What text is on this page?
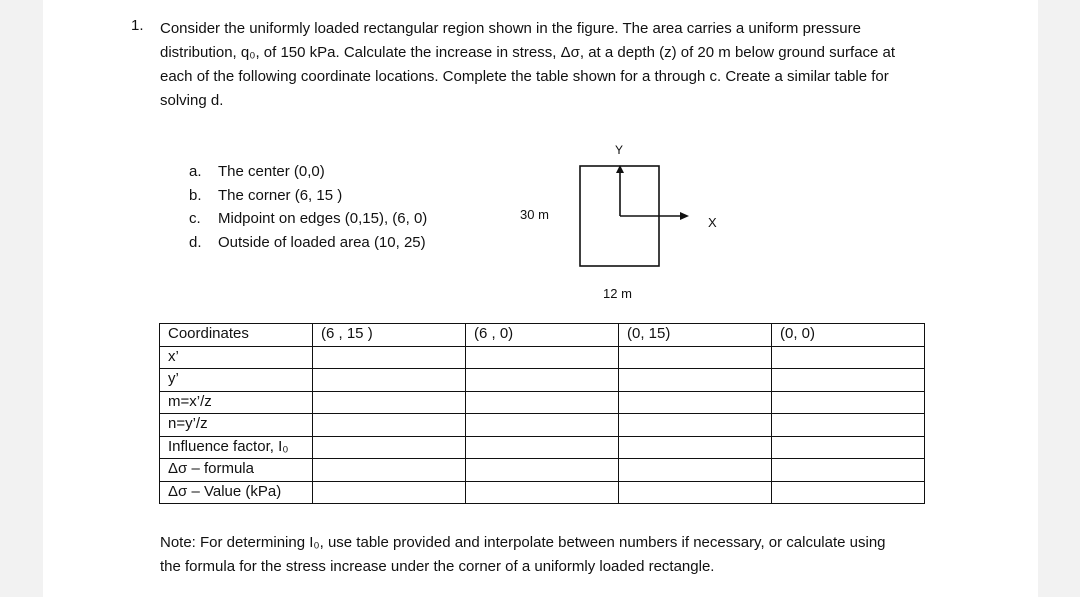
1. Consider the uniformly loaded rectangular region shown in the figure. The area carries a uniform pressure

distribution, q₀, of 150 kPa. Calculate the increase in stress, Δσ, at a depth (z) of 20 m below ground surface at

each of the following coordinate locations. Complete the table shown for a through c. Create a similar table for

solving d.

a.	The center (0,0)
b.	The corner (6, 15 )
c.	Midpoint on edges (0,15), (6, 0)
d.	Outside of loaded area (10, 25)
Y
X
30 m
12 m
Coordinates	(6 , 15 )	(6 , 0)	(0, 15)	(0, 0)
x’				
y’				
m=x’/z				
n=y’/z				
Influence factor, I₀				
Δσ – formula				
Δσ – Value (kPa)				

Note: For determining I₀, use table provided and interpolate between numbers if necessary, or calculate using

the formula for the stress increase under the corner of a uniformly loaded rectangle.
